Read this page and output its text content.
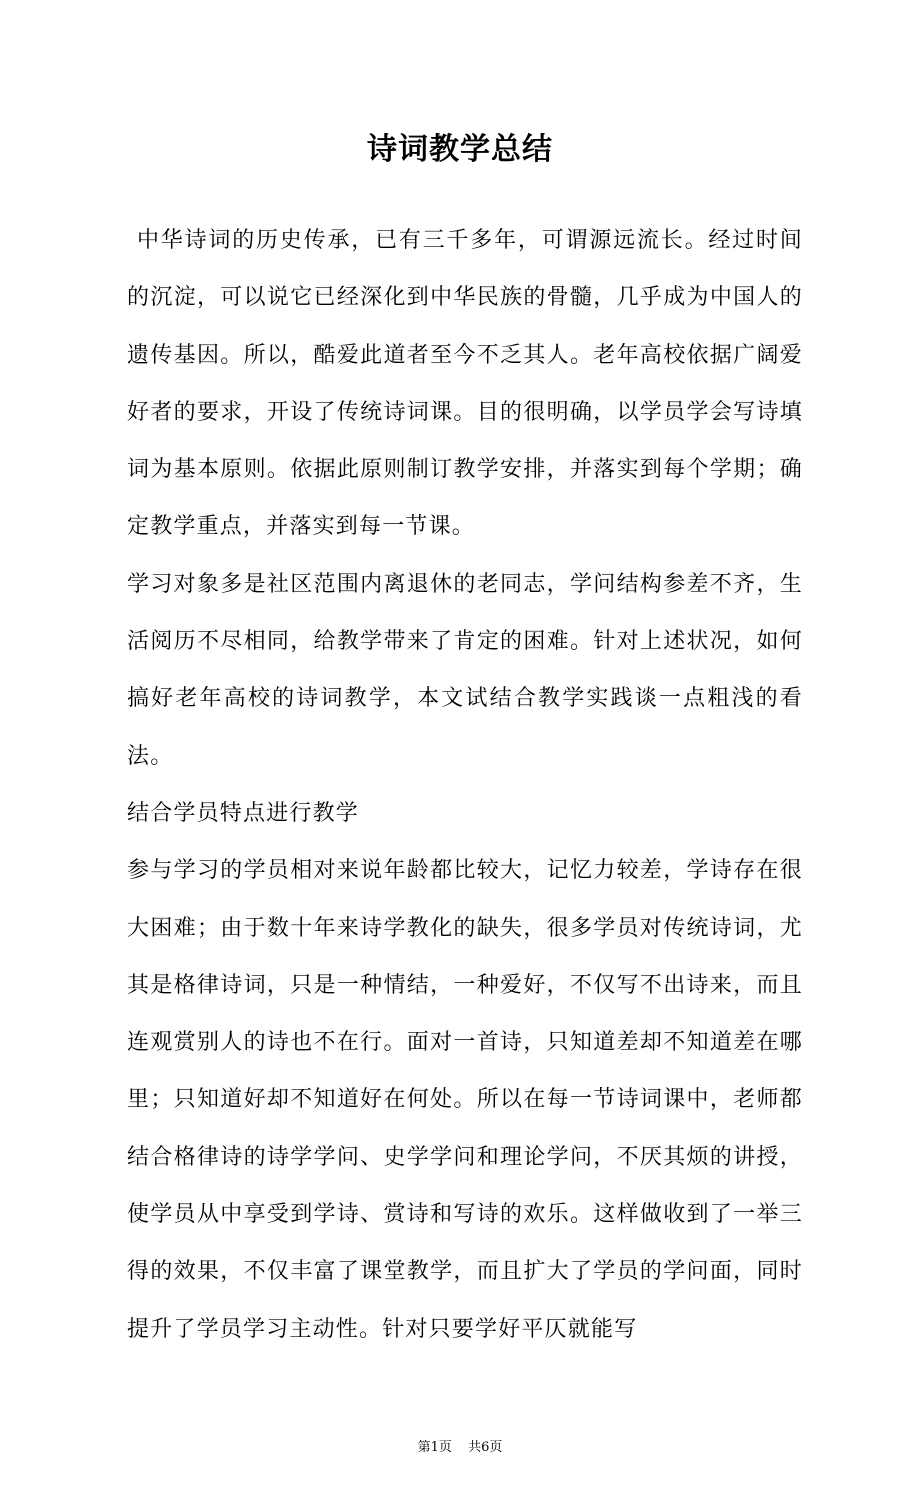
诗词教学总结

中华诗词的历史传承，已有三千多年，可谓源远流长。经过时间的沉淀，可以说它已经深化到中华民族的骨髓，几乎成为中国人的遗传基因。所以，酷爱此道者至今不乏其人。老年高校依据广阔爱好者的要求，开设了传统诗词课。目的很明确，以学员学会写诗填词为基本原则。依据此原则制订教学安排，并落实到每个学期；确定教学重点，并落实到每一节课。

学习对象多是社区范围内离退休的老同志，学问结构参差不齐，生活阅历不尽相同，给教学带来了肯定的困难。针对上述状况，如何搞好老年高校的诗词教学，本文试结合教学实践谈一点粗浅的看法。

结合学员特点进行教学

参与学习的学员相对来说年龄都比较大，记忆力较差，学诗存在很大困难；由于数十年来诗学教化的缺失，很多学员对传统诗词，尤其是格律诗词，只是一种情结，一种爱好，不仅写不出诗来，而且连观赏别人的诗也不在行。面对一首诗，只知道差却不知道差在哪里；只知道好却不知道好在何处。所以在每一节诗词课中，老师都结合格律诗的诗学学问、史学学问和理论学问，不厌其烦的讲授，使学员从中享受到学诗、赏诗和写诗的欢乐。这样做收到了一举三得的效果，不仅丰富了课堂教学，而且扩大了学员的学问面，同时提升了学员学习主动性。针对只要学好平仄就能写

第1页 共6页
